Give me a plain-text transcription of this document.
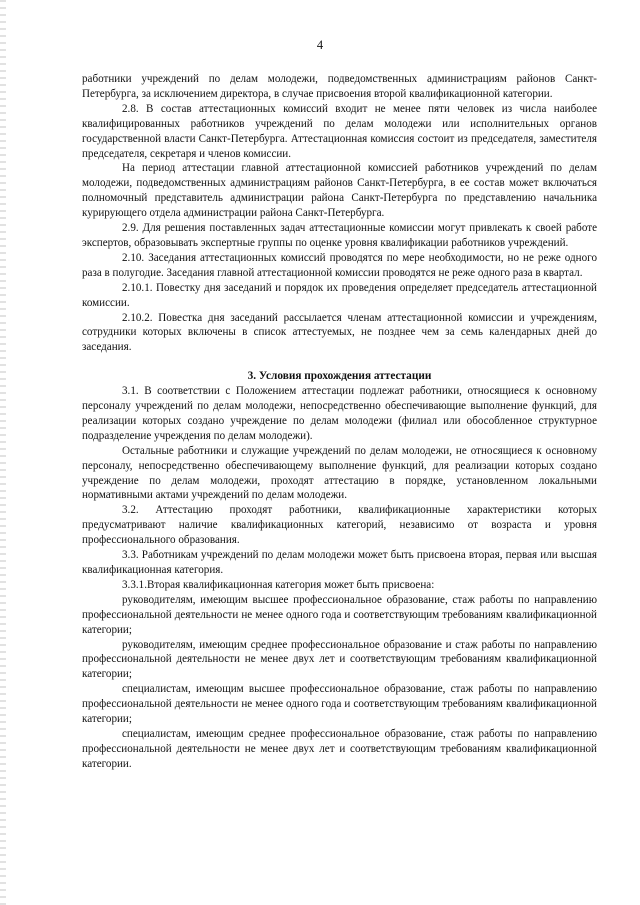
4

работники учреждений по делам молодежи, подведомственных администрациям районов Санкт-Петербурга, за исключением директора, в случае присвоения второй квалификационной категории.

2.8. В состав аттестационных комиссий входит не менее пяти человек из числа наиболее квалифицированных работников учреждений по делам молодежи или исполнительных органов государственной власти Санкт-Петербурга. Аттестационная комиссия состоит из председателя, заместителя председателя, секретаря и членов комиссии.

На период аттестации главной аттестационной комиссией работников учреждений по делам молодежи, подведомственных администрациям районов Санкт-Петербурга, в ее состав может включаться полномочный представитель администрации района Санкт-Петербурга по представлению начальника курирующего отдела администрации района Санкт-Петербурга.

2.9. Для решения поставленных задач аттестационные комиссии могут привлекать к своей работе экспертов, образовывать экспертные группы по оценке уровня квалификации работников учреждений.

2.10. Заседания аттестационных комиссий проводятся по мере необходимости, но не реже одного раза в полугодие. Заседания главной аттестационной комиссии проводятся не реже одного раза в квартал.

2.10.1. Повестку дня заседаний и порядок их проведения определяет председатель аттестационной комиссии.

2.10.2. Повестка дня заседаний рассылается членам аттестационной комиссии и учреждениям, сотрудники которых включены в список аттестуемых, не позднее чем за семь календарных дней до заседания.

3. Условия прохождения аттестации

3.1. В соответствии с Положением аттестации подлежат работники, относящиеся к основному персоналу учреждений по делам молодежи, непосредственно обеспечивающие выполнение функций, для реализации которых создано учреждение по делам молодежи (филиал или обособленное структурное подразделение учреждения по делам молодежи).

Остальные работники и служащие учреждений по делам молодежи, не относящиеся к основному персоналу, непосредственно обеспечивающему выполнение функций, для реализации которых создано учреждение по делам молодежи, проходят аттестацию в порядке, установленном локальными нормативными актами учреждений по делам молодежи.

3.2. Аттестацию проходят работники, квалификационные характеристики которых предусматривают наличие квалификационных категорий, независимо от возраста и уровня профессионального образования.

3.3. Работникам учреждений по делам молодежи может быть присвоена вторая, первая или высшая квалификационная категория.

3.3.1.Вторая квалификационная категория может быть присвоена:

руководителям, имеющим высшее профессиональное образование, стаж работы по направлению профессиональной деятельности не менее одного года и соответствующим требованиям квалификационной категории;

руководителям, имеющим среднее профессиональное образование и стаж работы по направлению профессиональной деятельности не менее двух лет и соответствующим требованиям квалификационной категории;

специалистам, имеющим высшее профессиональное образование, стаж работы по направлению профессиональной деятельности не менее одного года и соответствующим требованиям квалификационной категории;

специалистам, имеющим среднее профессиональное образование, стаж работы по направлению профессиональной деятельности не менее двух лет и соответствующим требованиям квалификационной категории.
